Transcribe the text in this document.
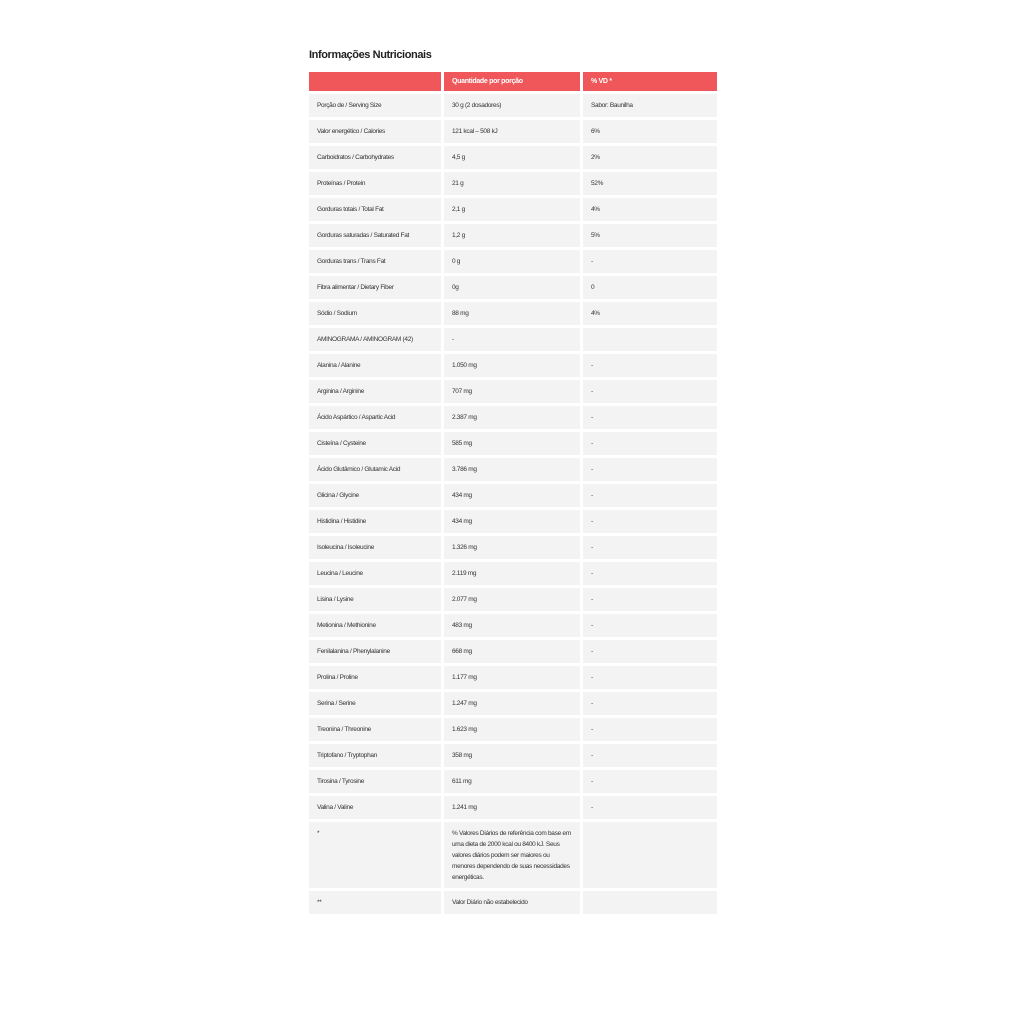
Informações Nutricionais
	Quantidade por porção	% VD *
Porção de / Serving Size	30 g (2 dosadores)	Sabor: Baunilha
Valor energético / Calories	121 kcal – 508 kJ	6%
Carboidratos / Carbohydrates	4,5 g	2%
Proteínas / Protein	21 g	52%
Gorduras totais / Total Fat	2,1 g	4%
Gorduras saturadas / Saturated Fat	1,2 g	5%
Gorduras trans / Trans Fat	0 g	-
Fibra alimentar / Dietary Fiber	0g	0
Sódio / Sodium	88 mg	4%
AMINOGRAMA / AMINOGRAM (42)	-	
Alanina / Alanine	1.050 mg	-
Arginina / Arginine	707 mg	-
Ácido Aspártico / Aspartic Acid	2.387 mg	-
Cisteína / Cysteine	585 mg	-
Ácido Glutâmico / Glutamic Acid	3.786 mg	-
Glicina / Glycine	434 mg	-
Histidina / Histidine	434 mg	-
Isoleucina / Isoleucine	1.326 mg	-
Leucina / Leucine	2.119 mg	-
Lisina / Lysine	2.077 mg	-
Metionina / Methionine	483 mg	-
Fenilalanina / Phenylalanine	668 mg	-
Prolina / Proline	1.177 mg	-
Serina / Serine	1.247 mg	-
Treonina / Threonine	1.623 mg	-
Triptofano / Tryptophan	358 mg	-
Tirosina / Tyrosine	611 mg	-
Valina / Valine	1.241 mg	-
*	% Valores Diários de referência com base em uma dieta de 2000 kcal ou 8400 kJ. Seus valores diários podem ser maiores ou menores dependendo de suas necessidades energéticas.	
**	Valor Diário não estabelecido	
